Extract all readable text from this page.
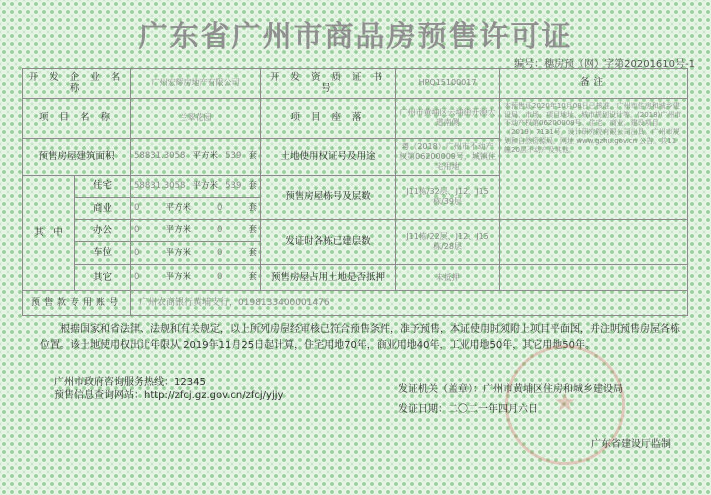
广东省广州市商品房预售许可证
编号：穗房预（网）字第20201610号-1
开 发 企 业 名 称		广州宏辉房地产有限公司	开 发 资 质 证 书 号	HPQ15100017	备注	
项 目 名 称		兰翠花园	项 目 座 落	广州市黄埔区云埔街开源大道南侧	本预售证2020年10月08日已核准。广州市住房和城乡建设局、市场、项目地址、城市规划设计等。(2018)广州市不动产权第06200009号、住宅、商业。建设项目（2019）7131号。设计研究院有限公司出具。广州市规划和自然资源局。网址 www.gzhu.gov.cn 公告。共11幢20层不动产及其他。	
预售房屋建筑面积		58831.3058 平方米 539 套	土地使用权证号及用途	粤（2018）广州市不动产权第06200009号，城镇住宅用地		
其　中	住宅	58831.3058 平方米 539 套	预售房屋栋号及层数	J11栋/32层、J12、J15栋/39层		
	商业	0 平方米 0 套				

	办公	0 平方米 0 套	发证时各栋已建层数	J11栋/22层、J12、J15栋/28层		
	车位	0 平方米 0 套				

	其它	0 平方米 0 套	预售房屋占用土地是否抵押	未抵押		
预售款专用账号		广州农商银行黄埔支行，0198133400001476				
根据国家和省法律、法规和有关规定，以上所列房屋经审核已符合预售条件，准予预售，本证使用时须附上项目平面图，并注明预售房屋各栋位置。该土地使用权出让年限从 2019年11月25日起计算，住宅用地70年，商业用地40年，工业用地50年，其它用地50年。
广州市政府咨询服务热线：12345
预售信息查询网站：http://zfcj.gz.gov.cn/zfcj/yjjy	★
发证机关（盖章）：广州市黄埔区住房和城乡建设局
发证日期：二〇二一年四月六日
广东省建设厅监制
